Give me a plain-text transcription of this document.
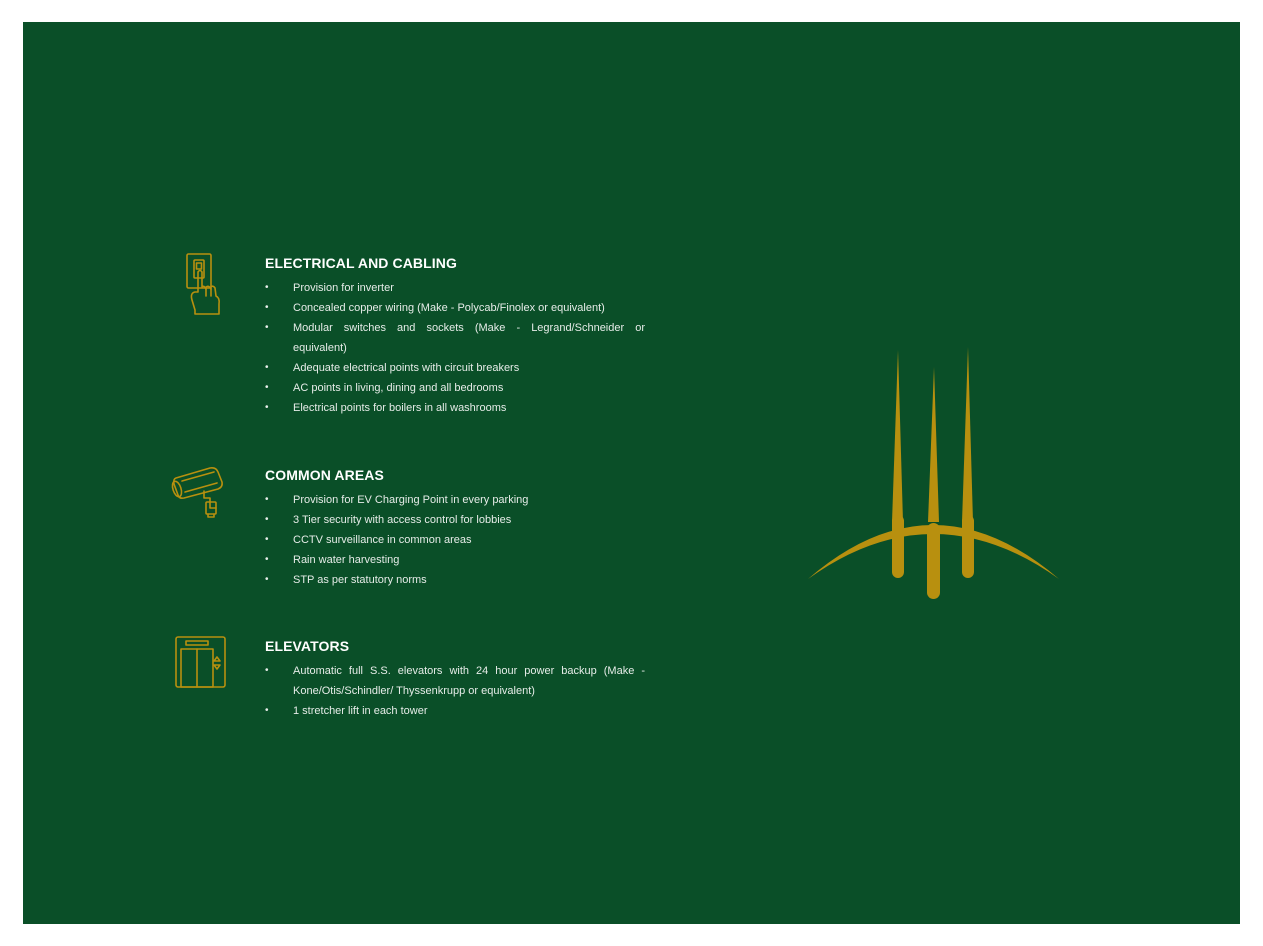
ELECTRICAL AND CABLING
• Provision for inverter
• Concealed copper wiring (Make - Polycab/Finolex or equivalent)
• Modular switches and sockets (Make - Legrand/Schneider or equivalent)
• Adequate electrical points with circuit breakers
• AC points in living, dining and all bedrooms
• Electrical points for boilers in all washrooms
COMMON AREAS
• Provision for EV Charging Point in every parking
• 3 Tier security with access control for lobbies
• CCTV surveillance in common areas
• Rain water harvesting
• STP as per statutory norms
ELEVATORS
• Automatic full S.S. elevators with 24 hour power backup (Make - Kone/Otis/Schindler/ Thyssenkrupp or equivalent)
• 1 stretcher lift in each tower
